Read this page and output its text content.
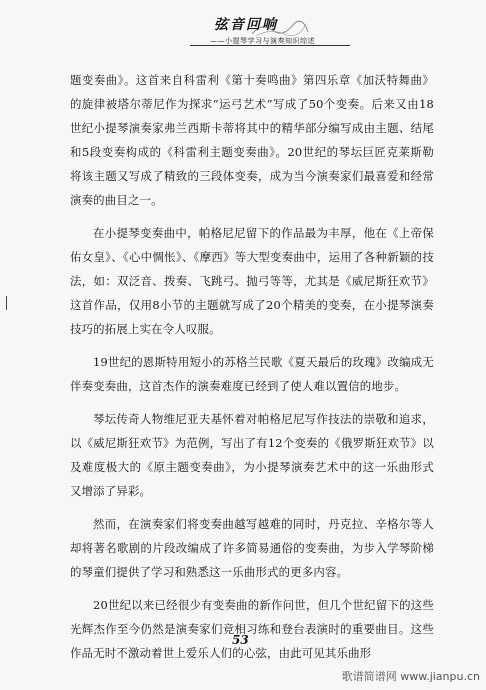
弦音回响
——小提琴学习与演奏知识综述

题变奏曲》。这首来自科雷利《第十奏鸣曲》第四乐章《加沃特舞曲》的旋律被塔尔蒂尼作为探求“运弓艺术”写成了50个变奏。后来又由18世纪小提琴演奏家弗兰西斯卡蒂将其中的精华部分编写成由主题、结尾和5段变奏构成的《科雷利主题变奏曲》。20世纪的琴坛巨匠克莱斯勒将该主题又写成了精致的三段体变奏，成为当今演奏家们最喜爱和经常演奏的曲目之一。

在小提琴变奏曲中，帕格尼尼留下的作品最为丰厚，他在《上帝保佑女皇》、《心中惆怅》、《摩西》等大型变奏曲中，运用了各种新颖的技法，如：双泛音、拨奏、飞跳弓、抛弓等等，尤其是《威尼斯狂欢节》这首作品，仅用8小节的主题就写成了20个精美的变奏，在小提琴演奏技巧的拓展上实在令人叹服。

19世纪的恩斯特用短小的苏格兰民歌《夏天最后的玫瑰》改编成无伴奏变奏曲，这首杰作的演奏难度已经到了使人难以置信的地步。

琴坛传奇人物维尼亚夫基怀着对帕格尼尼写作技法的崇敬和追求，以《威尼斯狂欢节》为范例，写出了有12个变奏的《俄罗斯狂欢节》以及难度极大的《原主题变奏曲》，为小提琴演奏艺术中的这一乐曲形式又增添了异彩。

然而，在演奏家们将变奏曲越写越难的同时，丹克拉、辛格尔等人却将著名歌剧的片段改编成了许多简易通俗的变奏曲，为步入学琴阶梯的琴童们提供了学习和熟悉这一乐曲形式的更多内容。

20世纪以来已经很少有变奏曲的新作问世，但几个世纪留下的这些光辉杰作至今仍然是演奏家们竞相习练和登台表演时的重要曲目。这些作品无时不激动着世上爱乐人们的心弦，由此可见其乐曲形

53
歌谱简谱网 www.jianpu.cn
